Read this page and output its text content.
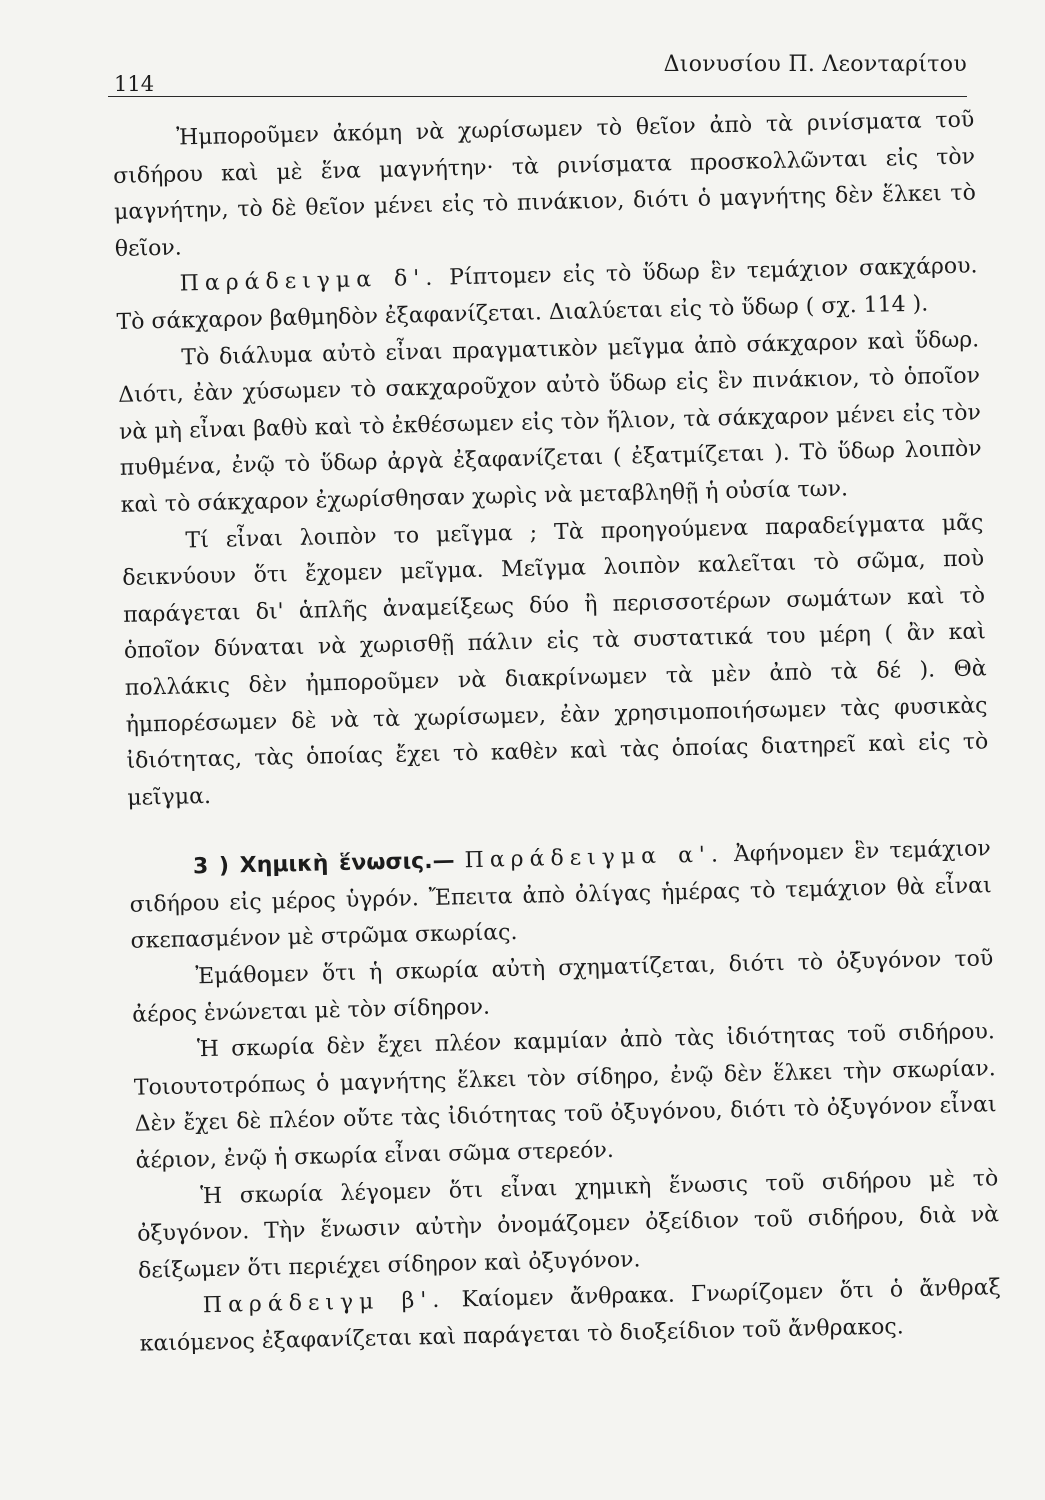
114
Διονυσίου Π. Λεονταρίτου

Ἠμποροῦμεν ἀκόμη νὰ χωρίσωμεν τὸ θεῖον ἀπὸ τὰ ρινίσματα τοῦ σιδήρου καὶ μὲ ἕνα μαγνήτην· τὰ ρινίσματα προσκολλῶνται εἰς τὸν μαγνήτην, τὸ δὲ θεῖον μένει εἰς τὸ πινάκιον, διότι ὁ μαγνήτης δὲν ἕλκει τὸ θεῖον.

Παράδειγμα δ'. Ρίπτομεν εἰς τὸ ὕδωρ ἓν τεμάχιον σακχάρου. Τὸ σάκχαρον βαθμηδὸν ἐξαφανίζεται. Διαλύεται εἰς τὸ ὕδωρ ( σχ. 114 ).

Τὸ διάλυμα αὐτὸ εἶναι πραγματικὸν μεῖγμα ἀπὸ σάκχαρον καὶ ὕδωρ. Διότι, ἐὰν χύσωμεν τὸ σακχαροῦχον αὐτὸ ὕδωρ εἰς ἓν πινάκιον, τὸ ὁποῖον νὰ μὴ εἶναι βαθὺ καὶ τὸ ἐκθέσωμεν εἰς τὸν ἥλιον, τὰ σάκχαρον μένει εἰς τὸν πυθμένα, ἐνῷ τὸ ὕδωρ ἀργὰ ἐξαφανίζεται ( ἐξατμίζεται ). Τὸ ὕδωρ λοιπὸν καὶ τὸ σάκχαρον ἐχωρίσθησαν χωρὶς νὰ μεταβληθῇ ἡ οὐσία των.

Τί εἶναι λοιπὸν το μεῖγμα ; Τὰ προηγούμενα παραδείγματα μᾶς δεικνύουν ὅτι ἔχομεν μεῖγμα. Μεῖγμα λοιπὸν καλεῖται τὸ σῶμα, ποὺ παράγεται δι' ἁπλῆς ἀναμείξεως δύο ἢ περισσοτέρων σωμάτων καὶ τὸ ὁποῖον δύναται νὰ χωρισθῇ πάλιν εἰς τὰ συστατικά του μέρη ( ἂν καὶ πολλάκις δὲν ἠμποροῦμεν νὰ διακρίνωμεν τὰ μὲν ἀπὸ τὰ δέ ). Θὰ ἠμπορέσωμεν δὲ νὰ τὰ χωρίσωμεν, ἐὰν χρησιμοποιήσωμεν τὰς φυσικὰς ἰδιότητας, τὰς ὁποίας ἔχει τὸ καθὲν καὶ τὰς ὁποίας διατηρεῖ καὶ εἰς τὸ μεῖγμα.

3 ) Χημικὴ ἕνωσις.— Παράδειγμα α'. Ἀφήνομεν ἓν τεμάχιον σιδήρου εἰς μέρος ὑγρόν. Ἔπειτα ἀπὸ ὀλίγας ἡμέρας τὸ τεμάχιον θὰ εἶναι σκεπασμένον μὲ στρῶμα σκωρίας.

Ἐμάθομεν ὅτι ἡ σκωρία αὐτὴ σχηματίζεται, διότι τὸ ὀξυγόνον τοῦ ἀέρος ἑνώνεται μὲ τὸν σίδηρον.

Ἡ σκωρία δὲν ἔχει πλέον καμμίαν ἀπὸ τὰς ἰδιότητας τοῦ σιδήρου. Τοιουτοτρόπως ὁ μαγνήτης ἕλκει τὸν σίδηρο, ἐνῷ δὲν ἕλκει τὴν σκωρίαν. Δὲν ἔχει δὲ πλέον οὔτε τὰς ἰδιότητας τοῦ ὀξυγόνου, διότι τὸ ὀξυγόνον εἶναι ἀέριον, ἐνῷ ἡ σκωρία εἶναι σῶμα στερεόν.

Ἡ σκωρία λέγομεν ὅτι εἶναι χημικὴ ἕνωσις τοῦ σιδήρου μὲ τὸ ὀξυγόνον. Τὴν ἕνωσιν αὐτὴν ὀνομάζομεν ὀξείδιον τοῦ σιδήρου, διὰ νὰ δείξωμεν ὅτι περιέχει σίδηρον καὶ ὀξυγόνον.

Παράδειγμ β'. Καίομεν ἄνθρακα. Γνωρίζομεν ὅτι ὁ ἄνθραξ καιόμενος ἐξαφανίζεται καὶ παράγεται τὸ διοξείδιον τοῦ ἄνθρακος.
